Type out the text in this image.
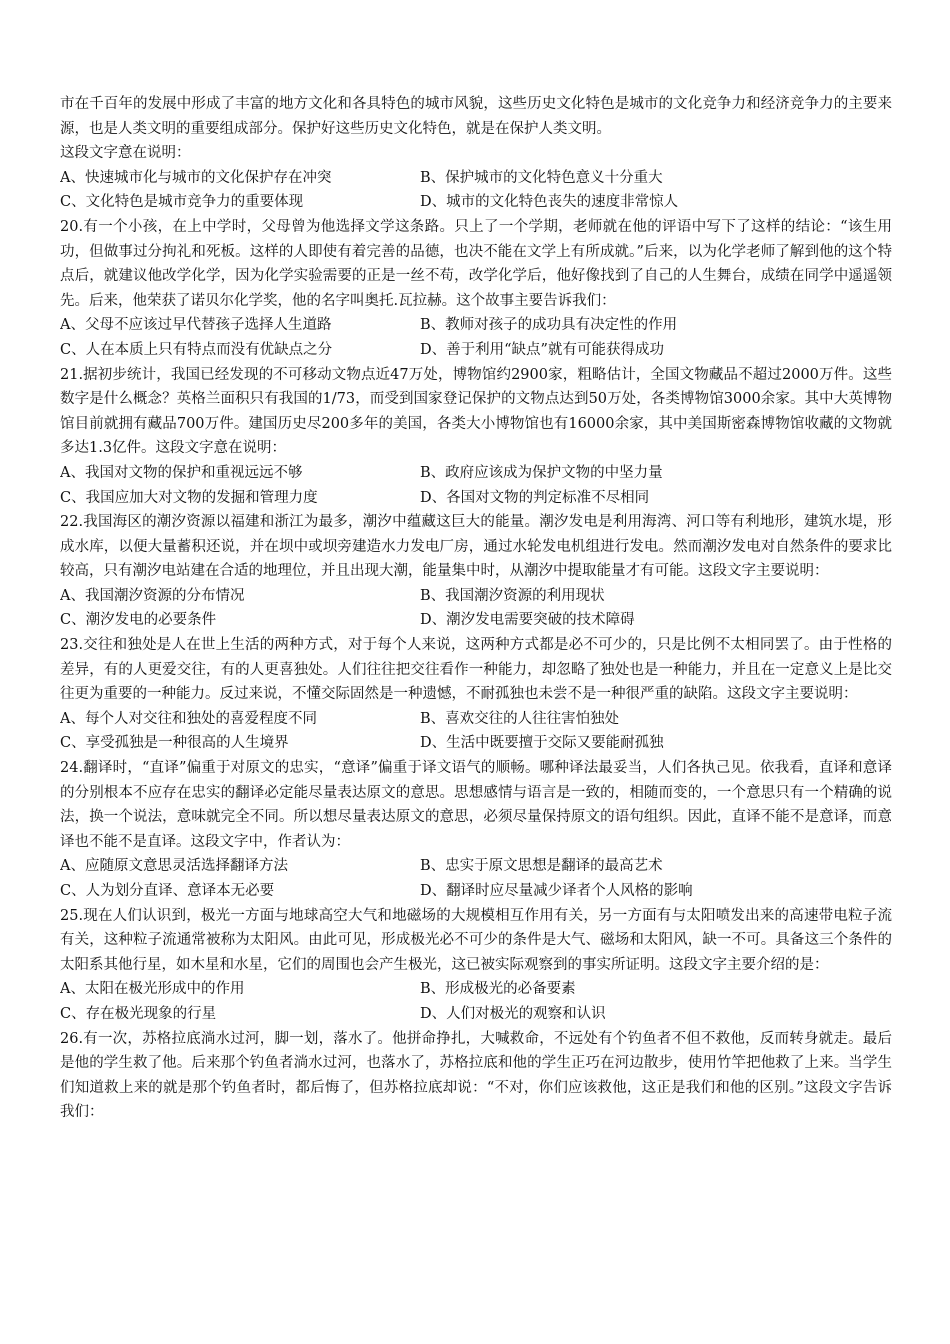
市在千百年的发展中形成了丰富的地方文化和各具特色的城市风貌，这些历史文化特色是城市的文化竞争力和经济竞争力的主要来源，也是人类文明的重要组成部分。保护好这些历史文化特色，就是在保护人类文明。

这段文字意在说明：

A、快速城市化与城市的文化保护存在冲突	B、保护城市的文化特色意义十分重大
C、文化特色是城市竞争力的重要体现	D、城市的文化特色丧失的速度非常惊人

20.有一个小孩，在上中学时，父母曾为他选择文学这条路。只上了一个学期，老师就在他的评语中写下了这样的结论：“该生用功，但做事过分拘礼和死板。这样的人即使有着完善的品德，也决不能在文学上有所成就。”后来，以为化学老师了解到他的这个特点后，就建议他改学化学，因为化学实验需要的正是一丝不苟，改学化学后，他好像找到了自己的人生舞台，成绩在同学中遥遥领先。后来，他荣获了诺贝尔化学奖，他的名字叫奥托.瓦拉赫。这个故事主要告诉我们：

A、父母不应该过早代替孩子选择人生道路	B、教师对孩子的成功具有决定性的作用
C、人在本质上只有特点而没有优缺点之分	D、善于利用“缺点”就有可能获得成功

21.据初步统计，我国已经发现的不可移动文物点近47万处，博物馆约2900家，粗略估计，全国文物藏品不超过2000万件。这些数字是什么概念？英格兰面积只有我国的1/73，而受到国家登记保护的文物点达到50万处，各类博物馆3000余家。其中大英博物馆目前就拥有藏品700万件。建国历史尽200多年的美国，各类大小博物馆也有16000余家，其中美国斯密森博物馆收藏的文物就多达1.3亿件。这段文字意在说明：

A、我国对文物的保护和重视远远不够	B、政府应该成为保护文物的中坚力量
C、我国应加大对文物的发掘和管理力度	D、各国对文物的判定标准不尽相同

22.我国海区的潮汐资源以福建和浙江为最多，潮汐中蕴藏这巨大的能量。潮汐发电是利用海湾、河口等有利地形，建筑水堤，形成水库，以便大量蓄积还说，并在坝中或坝旁建造水力发电厂房，通过水轮发电机组进行发电。然而潮汐发电对自然条件的要求比较高，只有潮汐电站建在合适的地理位，并且出现大潮，能量集中时，从潮汐中提取能量才有可能。这段文字主要说明：

A、我国潮汐资源的分布情况	B、我国潮汐资源的利用现状
C、潮汐发电的必要条件	D、潮汐发电需要突破的技术障碍

23.交往和独处是人在世上生活的两种方式，对于每个人来说，这两种方式都是必不可少的，只是比例不太相同罢了。由于性格的差异，有的人更爱交往，有的人更喜独处。人们往往把交往看作一种能力，却忽略了独处也是一种能力，并且在一定意义上是比交往更为重要的一种能力。反过来说，不懂交际固然是一种遗憾，不耐孤独也未尝不是一种很严重的缺陷。这段文字主要说明：

A、每个人对交往和独处的喜爱程度不同	B、喜欢交往的人往往害怕独处
C、享受孤独是一种很高的人生境界	D、生活中既要擅于交际又要能耐孤独

24.翻译时，“直译”偏重于对原文的忠实，“意译”偏重于译文语气的顺畅。哪种译法最妥当，人们各执己见。依我看，直译和意译的分别根本不应存在忠实的翻译必定能尽量表达原文的意思。思想感情与语言是一致的，相随而变的，一个意思只有一个精确的说法，换一个说法，意味就完全不同。所以想尽量表达原文的意思，必须尽量保持原文的语句组织。因此，直译不能不是意译，而意译也不能不是直译。这段文字中，作者认为：

A、应随原文意思灵活选择翻译方法	B、忠实于原文思想是翻译的最高艺术
C、人为划分直译、意译本无必要	D、翻译时应尽量减少译者个人风格的影响

25.现在人们认识到，极光一方面与地球高空大气和地磁场的大规模相互作用有关，另一方面有与太阳喷发出来的高速带电粒子流有关，这种粒子流通常被称为太阳风。由此可见，形成极光必不可少的条件是大气、磁场和太阳风，缺一不可。具备这三个条件的太阳系其他行星，如木星和水星，它们的周围也会产生极光，这已被实际观察到的事实所证明。这段文字主要介绍的是：

A、太阳在极光形成中的作用	B、形成极光的必备要素
C、存在极光现象的行星	D、人们对极光的观察和认识

26.有一次，苏格拉底淌水过河，脚一划，落水了。他拼命挣扎，大喊救命，不远处有个钓鱼者不但不救他，反而转身就走。最后是他的学生救了他。后来那个钓鱼者淌水过河，也落水了，苏格拉底和他的学生正巧在河边散步，使用竹竿把他救了上来。当学生们知道救上来的就是那个钓鱼者时，都后悔了，但苏格拉底却说：“不对，你们应该救他，这正是我们和他的区别。”这段文字告诉我们：
